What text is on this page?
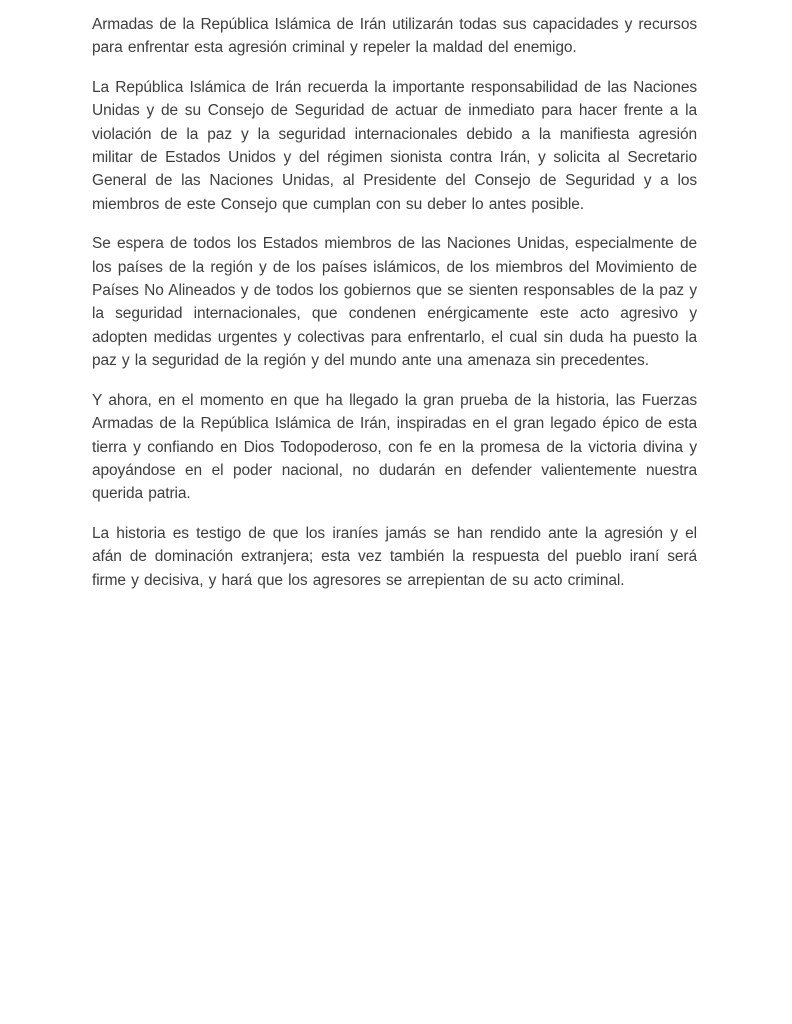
Armadas de la República Islámica de Irán utilizarán todas sus capacidades y recursos para enfrentar esta agresión criminal y repeler la maldad del enemigo.

La República Islámica de Irán recuerda la importante responsabilidad de las Naciones Unidas y de su Consejo de Seguridad de actuar de inmediato para hacer frente a la violación de la paz y la seguridad internacionales debido a la manifiesta agresión militar de Estados Unidos y del régimen sionista contra Irán, y solicita al Secretario General de las Naciones Unidas, al Presidente del Consejo de Seguridad y a los miembros de este Consejo que cumplan con su deber lo antes posible.

Se espera de todos los Estados miembros de las Naciones Unidas, especialmente de los países de la región y de los países islámicos, de los miembros del Movimiento de Países No Alineados y de todos los gobiernos que se sienten responsables de la paz y la seguridad internacionales, que condenen enérgicamente este acto agresivo y adopten medidas urgentes y colectivas para enfrentarlo, el cual sin duda ha puesto la paz y la seguridad de la región y del mundo ante una amenaza sin precedentes.

Y ahora, en el momento en que ha llegado la gran prueba de la historia, las Fuerzas Armadas de la República Islámica de Irán, inspiradas en el gran legado épico de esta tierra y confiando en Dios Todopoderoso, con fe en la promesa de la victoria divina y apoyándose en el poder nacional, no dudarán en defender valientemente nuestra querida patria.

La historia es testigo de que los iraníes jamás se han rendido ante la agresión y el afán de dominación extranjera; esta vez también la respuesta del pueblo iraní será firme y decisiva, y hará que los agresores se arrepientan de su acto criminal.
